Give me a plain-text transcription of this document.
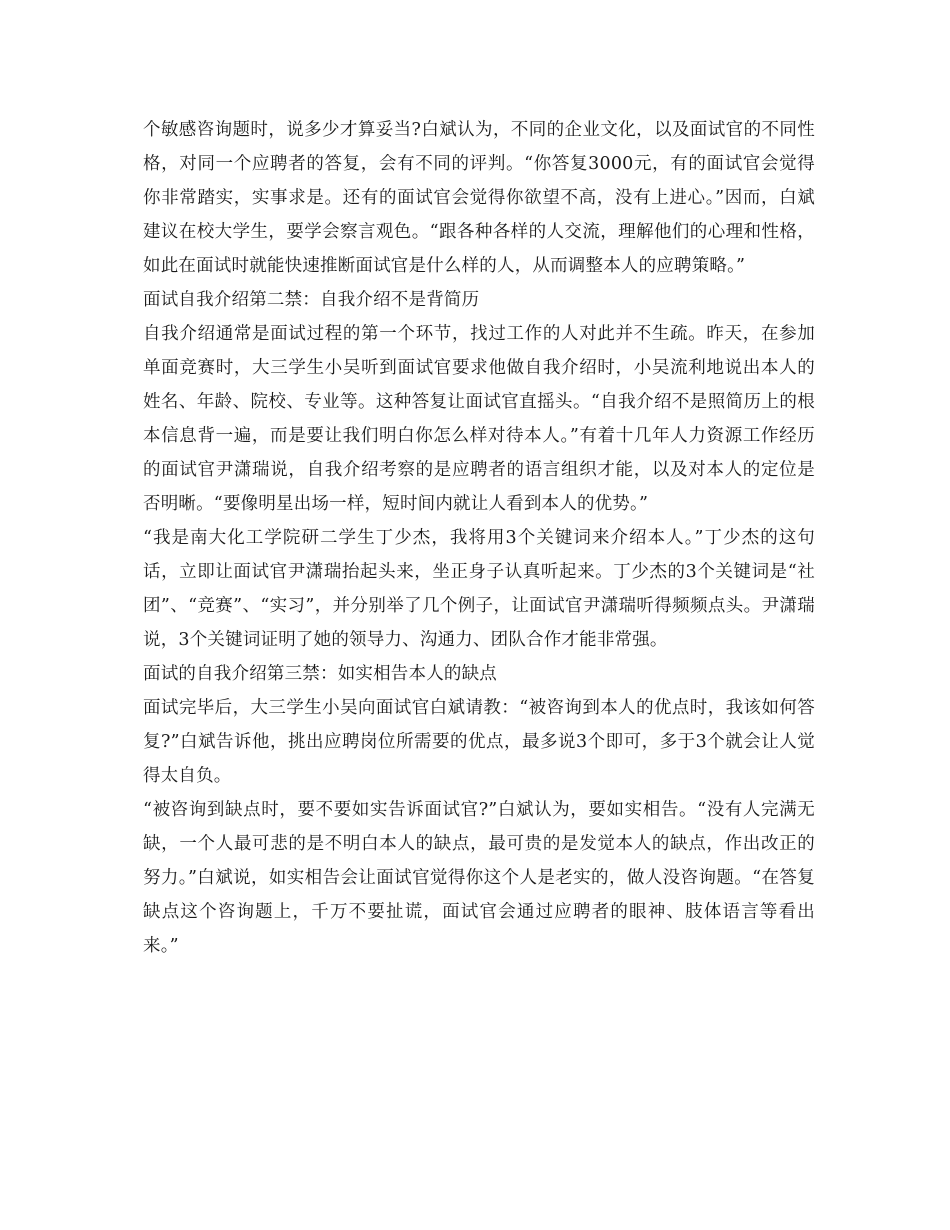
个敏感咨询题时，说多少才算妥当?白斌认为，不同的企业文化，以及面试官的不同性格，对同一个应聘者的答复，会有不同的评判。“你答复3000元，有的面试官会觉得你非常踏实，实事求是。还有的面试官会觉得你欲望不高，没有上进心。”因而，白斌建议在校大学生，要学会察言观色。“跟各种各样的人交流，理解他们的心理和性格，如此在面试时就能快速推断面试官是什么样的人，从而调整本人的应聘策略。”

面试自我介绍第二禁：自我介绍不是背简历

自我介绍通常是面试过程的第一个环节，找过工作的人对此并不生疏。昨天，在参加单面竞赛时，大三学生小吴听到面试官要求他做自我介绍时，小吴流利地说出本人的姓名、年龄、院校、专业等。这种答复让面试官直摇头。“自我介绍不是照简历上的根本信息背一遍，而是要让我们明白你怎么样对待本人。”有着十几年人力资源工作经历的面试官尹潇瑞说，自我介绍考察的是应聘者的语言组织才能，以及对本人的定位是否明晰。“要像明星出场一样，短时间内就让人看到本人的优势。”

“我是南大化工学院研二学生丁少杰，我将用3个关键词来介绍本人。”丁少杰的这句话，立即让面试官尹潇瑞抬起头来，坐正身子认真听起来。丁少杰的3个关键词是“社团”、“竞赛”、“实习”，并分别举了几个例子，让面试官尹潇瑞听得频频点头。尹潇瑞说，3个关键词证明了她的领导力、沟通力、团队合作才能非常强。

面试的自我介绍第三禁：如实相告本人的缺点

面试完毕后，大三学生小吴向面试官白斌请教：“被咨询到本人的优点时，我该如何答复?”白斌告诉他，挑出应聘岗位所需要的优点，最多说3个即可，多于3个就会让人觉得太自负。

“被咨询到缺点时，要不要如实告诉面试官?”白斌认为，要如实相告。“没有人完满无缺，一个人最可悲的是不明白本人的缺点，最可贵的是发觉本人的缺点，作出改正的努力。”白斌说，如实相告会让面试官觉得你这个人是老实的，做人没咨询题。“在答复缺点这个咨询题上，千万不要扯谎，面试官会通过应聘者的眼神、肢体语言等看出来。”
